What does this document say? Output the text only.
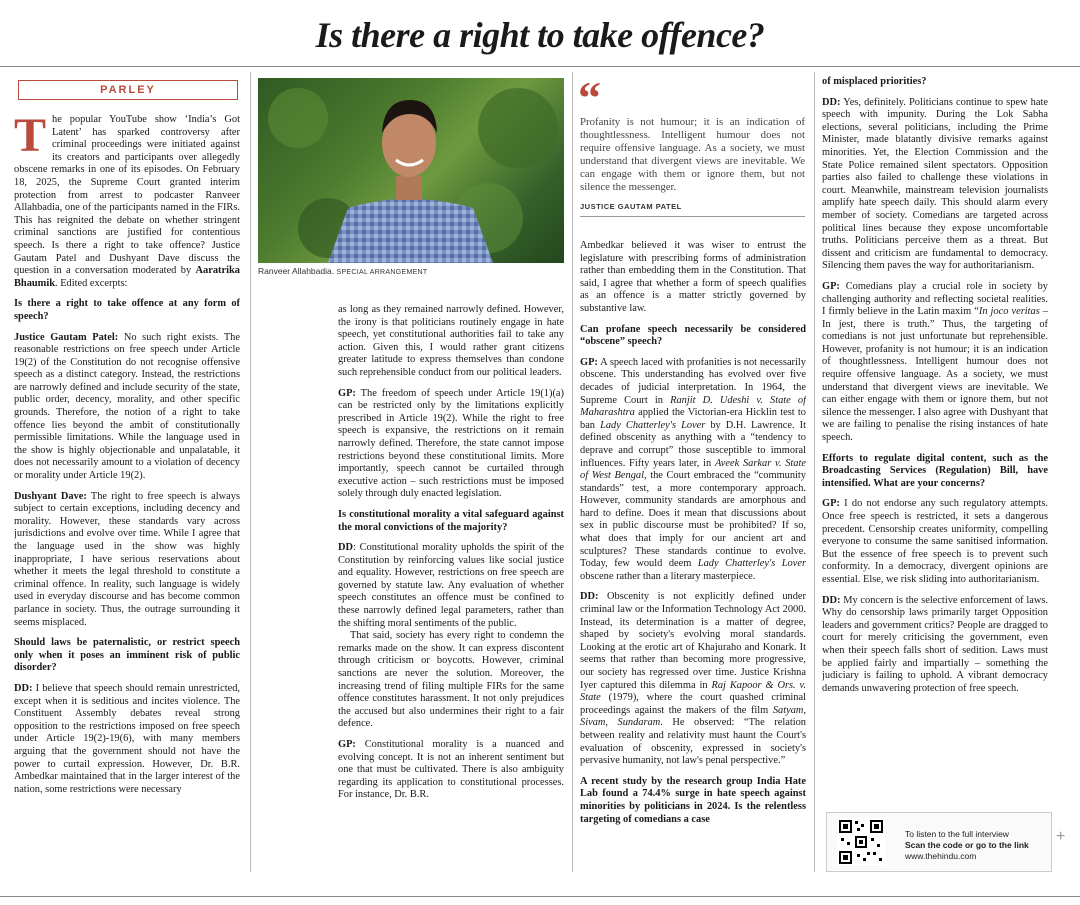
Is there a right to take offence?
PARLEY

The popular YouTube show ‘India’s Got Latent’ has sparked controversy after criminal proceedings were initiated against its creators and participants over allegedly obscene remarks in one of its episodes. On February 18, 2025, the Supreme Court granted interim protection from arrest to podcaster Ranveer Allahbadia, one of the participants named in the FIRs. This has reignited the debate on whether stringent criminal sanctions are justified for contentious speech. Is there a right to take offence? Justice Gautam Patel and Dushyant Dave discuss the question in a conversation moderated by Aaratrika Bhaumik. Edited excerpts:

Is there a right to take offence at any form of speech?

Justice Gautam Patel: No such right exists. The reasonable restrictions on free speech under Article 19(2) of the Constitution do not recognise offensive speech as a distinct category. Instead, the restrictions are narrowly defined and include security of the state, public order, decency, morality, and other specific grounds. Therefore, the notion of a right to take offence lies beyond the ambit of constitutionally permissible limitations. While the language used in the show is highly objectionable and unpalatable, it does not necessarily amount to a violation of decency or morality under Article 19(2).

Dushyant Dave: The right to free speech is always subject to certain exceptions, including decency and morality. However, these standards vary across jurisdictions and evolve over time. While I agree that the language used in the show was highly inappropriate, I have serious reservations about whether it meets the legal threshold to constitute a criminal offence. In reality, such language is widely used in everyday discourse and has become common parlance in society. Thus, the outrage surrounding it seems misplaced.

Should laws be paternalistic, or restrict speech only when it poses an imminent risk of public disorder?

DD: I believe that speech should remain unrestricted, except when it is seditious and incites violence. The Constituent Assembly debates reveal strong opposition to the restrictions imposed on free speech under Article 19(2)-19(6), with many members arguing that the government should not have the power to curtail expression. However, Dr. B.R. Ambedkar maintained that in the larger interest of the nation, some restrictions were necessary

Ranveer Allahbadia. SPECIAL ARRANGEMENT

as long as they remained narrowly defined. However, the irony is that politicians routinely engage in hate speech, yet constitutional authorities fail to take any action. Given this, I would rather grant citizens greater latitude to express themselves than condone such reprehensible conduct from our political leaders.

GP: The freedom of speech under Article 19(1)(a) can be restricted only by the limitations explicitly prescribed in Article 19(2). While the right to free speech is expansive, the restrictions on it remain narrowly defined. Therefore, the state cannot impose restrictions beyond these constitutional limits. More importantly, speech cannot be curtailed through executive action – such restrictions must be imposed solely through duly enacted legislation.

Is constitutional morality a vital safeguard against the moral convictions of the majority?

DD: Constitutional morality upholds the spirit of the Constitution by reinforcing values like social justice and equality. However, restrictions on free speech are governed by statute law. Any evaluation of whether speech constitutes an offence must be confined to these narrowly defined legal parameters, rather than the shifting moral sentiments of the public.

That said, society has every right to condemn the remarks made on the show. It can express discontent through criticism or boycotts. However, criminal sanctions are never the solution. Moreover, the increasing trend of filing multiple FIRs for the same offence constitutes harassment. It not only prejudices the accused but also undermines their right to a fair defence.

GP: Constitutional morality is a nuanced and evolving concept. It is not an inherent sentiment but one that must be cultivated. There is also ambiguity regarding its application to constitutional processes. For instance, Dr. B.R.

“
Profanity is not humour; it is an indication of thoughtlessness. Intelligent humour does not require offensive language. As a society, we must understand that divergent views are inevitable. We can engage with them or ignore them, but not silence the messenger.
JUSTICE GAUTAM PATEL

Ambedkar believed it was wiser to entrust the legislature with prescribing forms of administration rather than embedding them in the Constitution. That said, I agree that whether a form of speech qualifies as an offence is a matter strictly governed by substantive law.

Can profane speech necessarily be considered “obscene” speech?

GP: A speech laced with profanities is not necessarily obscene. This understanding has evolved over five decades of judicial interpretation. In 1964, the Supreme Court in Ranjit D. Udeshi v. State of Maharashtra applied the Victorian-era Hicklin test to ban Lady Chatterley's Lover by D.H. Lawrence. It defined obscenity as anything with a “tendency to deprave and corrupt” those susceptible to immoral influences. Fifty years later, in Aveek Sarkar v. State of West Bengal, the Court embraced the “community standards” test, a more contemporary approach. However, community standards are amorphous and hard to define. Does it mean that discussions about sex in public discourse must be prohibited? If so, what does that imply for our ancient art and sculptures? These standards continue to evolve. Today, few would deem Lady Chatterley's Lover obscene rather than a literary masterpiece.

DD: Obscenity is not explicitly defined under criminal law or the Information Technology Act 2000. Instead, its determination is a matter of degree, shaped by society's evolving moral standards. Looking at the erotic art of Khajuraho and Konark. It seems that rather than becoming more progressive, our society has regressed over time. Justice Krishna Iyer captured this dilemma in Raj Kapoor & Ors. v. State (1979), where the court quashed criminal proceedings against the makers of the film Satyam, Sivam, Sundaram. He observed: “The relation between reality and relativity must haunt the Court's evaluation of obscenity, expressed in society's pervasive humanity, not law's penal perspective.”

A recent study by the research group India Hate Lab found a 74.4% surge in hate speech against minorities by politicians in 2024. Is the relentless targeting of comedians a case

of misplaced priorities?

DD: Yes, definitely. Politicians continue to spew hate speech with impunity. During the Lok Sabha elections, several politicians, including the Prime Minister, made blatantly divisive remarks against minorities. Yet, the Election Commission and the State Police remained silent spectators. Opposition parties also failed to challenge these violations in court. Meanwhile, mainstream television journalists amplify hate speech daily. This should alarm every member of society. Comedians are targeted across political lines because they expose uncomfortable truths. Politicians perceive them as a threat. But dissent and criticism are fundamental to democracy. Silencing them paves the way for authoritarianism.

GP: Comedians play a crucial role in society by challenging authority and reflecting societal realities. I firmly believe in the Latin maxim “In joco veritas – In jest, there is truth.” Thus, the targeting of comedians is not just unfortunate but reprehensible. However, profanity is not humour; it is an indication of thoughtlessness. Intelligent humour does not require offensive language. As a society, we must understand that divergent views are inevitable. We can either engage with them or ignore them, but not silence the messenger. I also agree with Dushyant that we are failing to penalise the rising instances of hate speech.

Efforts to regulate digital content, such as the Broadcasting Services (Regulation) Bill, have intensified. What are your concerns?

GP: I do not endorse any such regulatory attempts. Once free speech is restricted, it sets a dangerous precedent. Censorship creates uniformity, compelling everyone to consume the same sanitised information. But the essence of free speech is to prevent such conformity. In a democracy, divergent opinions are essential. Else, we risk sliding into authoritarianism.

DD: My concern is the selective enforcement of laws. Why do censorship laws primarily target Opposition leaders and government critics? People are dragged to court for merely criticising the government, even when their speech falls short of sedition. Laws must be applied fairly and impartially – something the judiciary is failing to uphold. A vibrant democracy demands unwavering protection of free speech.

To listen to the full interview
Scan the code or go to the link
www.thehindu.com
+
